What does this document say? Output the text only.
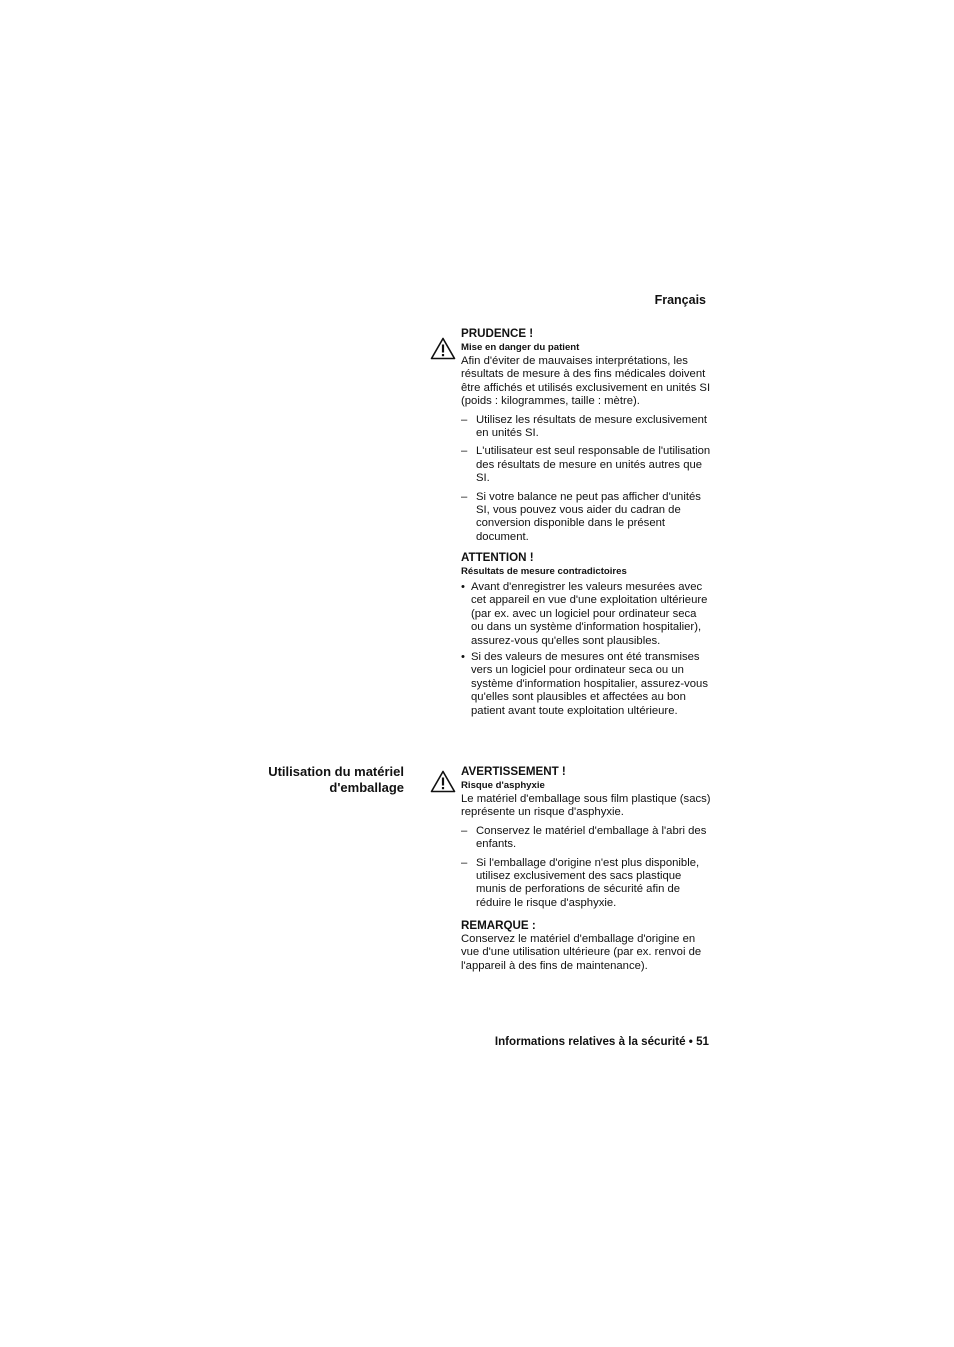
Français

PRUDENCE !

Mise en danger du patient

Afin d'éviter de mauvaises interprétations, les résultats de mesure à des fins médicales doivent être affichés et utilisés exclusivement en unités SI (poids : kilogrammes, taille : mètre).

– Utilisez les résultats de mesure exclusivement en unités SI.
– L'utilisateur est seul responsable de l'utilisation des résultats de mesure en unités autres que SI.
– Si votre balance ne peut pas afficher d'unités SI, vous pouvez vous aider du cadran de conversion disponible dans le présent document.

ATTENTION !

Résultats de mesure contradictoires

• Avant d'enregistrer les valeurs mesurées avec cet appareil en vue d'une exploitation ultérieure (par ex. avec un logiciel pour ordinateur seca ou dans un système d'information hospitalier), assurez-vous qu'elles sont plausibles.
• Si des valeurs de mesures ont été transmises vers un logiciel pour ordinateur seca ou un système d'information hospitalier, assurez-vous qu'elles sont plausibles et affectées au bon patient avant toute exploitation ultérieure.
Utilisation du matériel
d'emballage

AVERTISSEMENT !

Risque d'asphyxie

Le matériel d'emballage sous film plastique (sacs) représente un risque d'asphyxie.

– Conservez le matériel d'emballage à l'abri des enfants.
– Si l'emballage d'origine n'est plus disponible, utilisez exclusivement des sacs plastique munis de perforations de sécurité afin de réduire le risque d'asphyxie.

REMARQUE :

Conservez le matériel d'emballage d'origine en vue d'une utilisation ultérieure (par ex. renvoi de l'appareil à des fins de maintenance).

Informations relatives à la sécurité • 51
